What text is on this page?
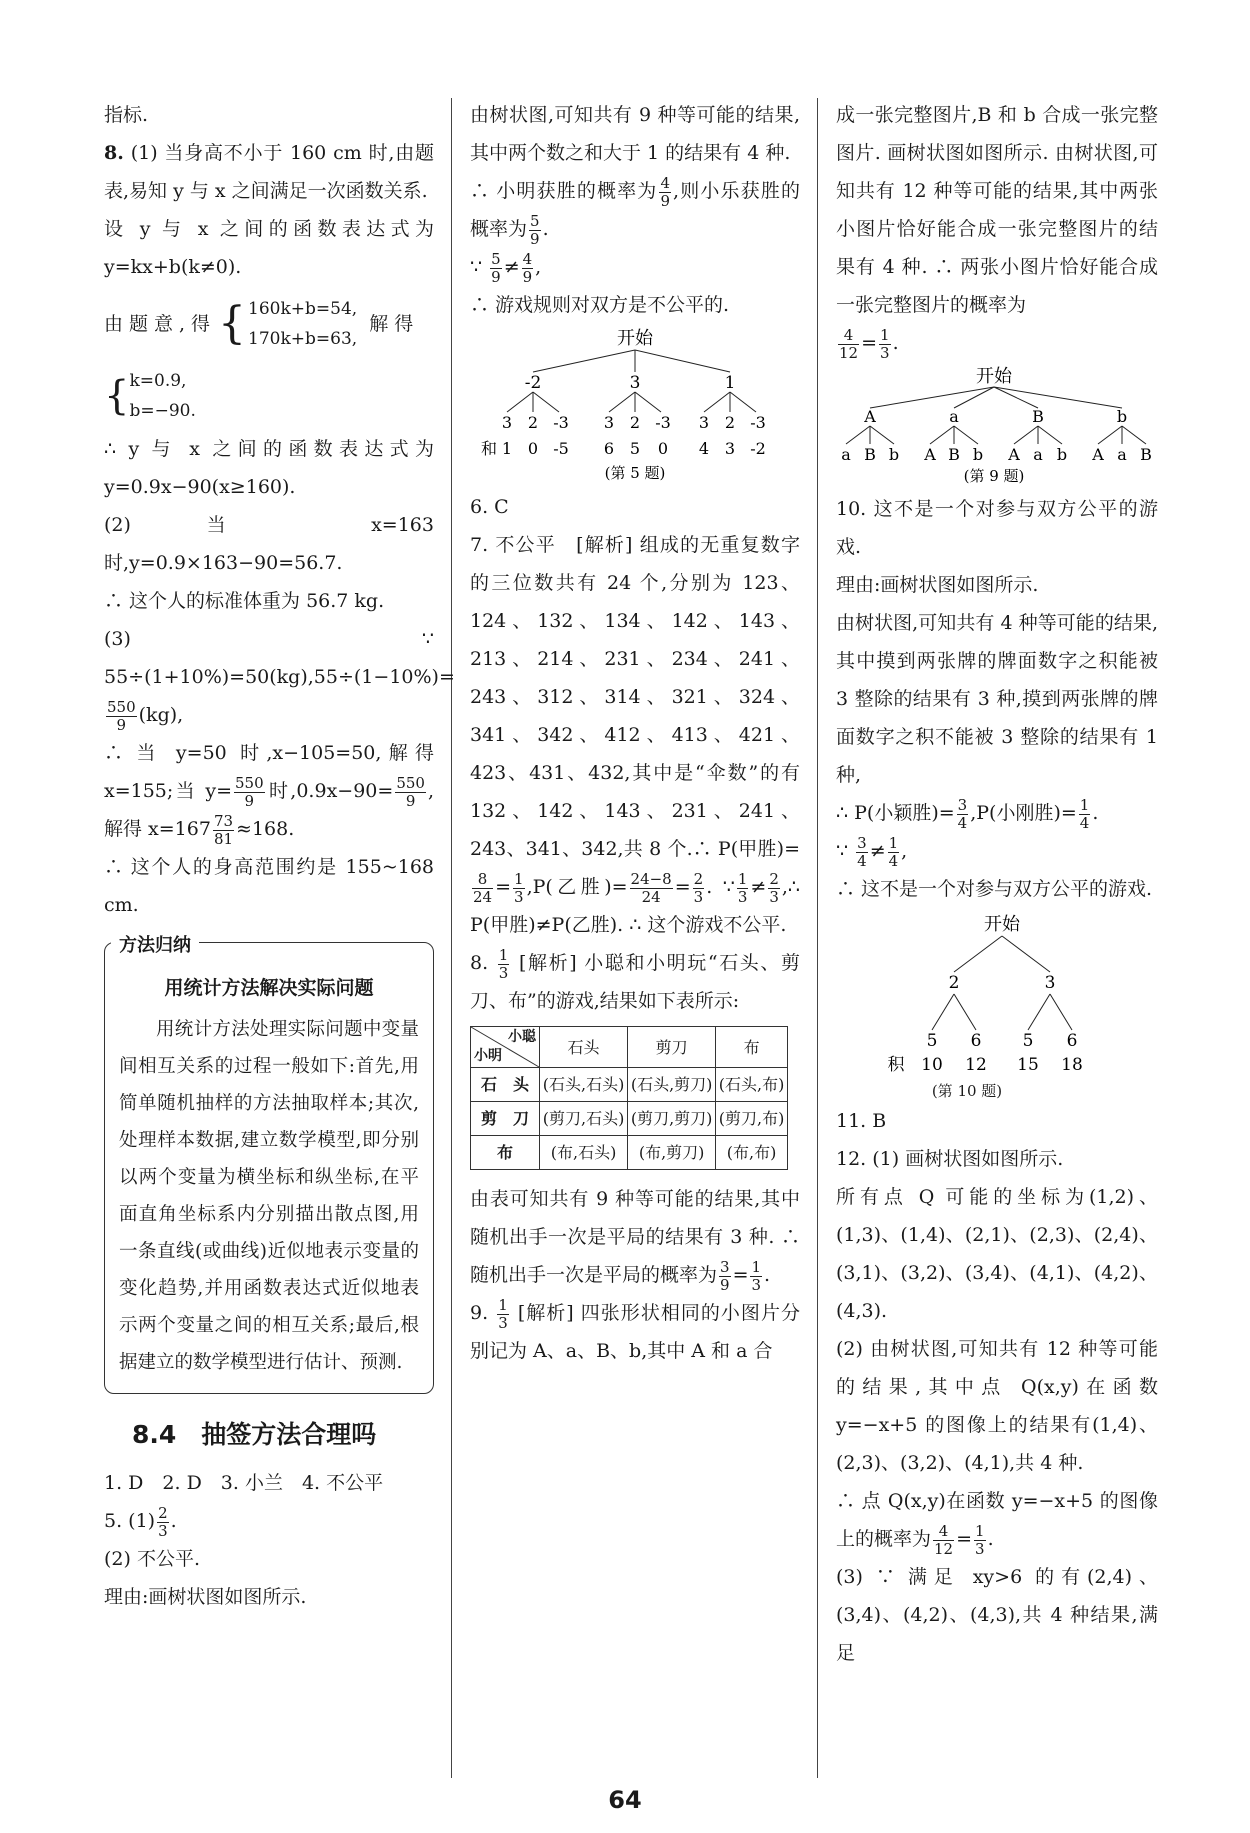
指标.

8. (1) 当身高不小于 160 cm 时,由题表,易知 y 与 x 之间满足一次函数关系.

设 y 与 x 之间的函数表达式为 y=kx+b(k≠0).

由题意,得 { 160k+b=54,
170k+b=63,
解得
{ k=0.9,
b=−90.

∴ y 与 x 之间的函数表达式为 y=0.9x−90(x≥160).

(2) 当 x=163 时,y=0.9×163−90=56.7.

∴ 这个人的标准体重为 56.7 kg.

(3) ∵ 55÷(1+10%)=50(kg),55÷(1−10%)=
$\frac{550}{9} (kg)$,

∴ 当 y=50 时,x−105=50,解得 x=155;当 $y= \frac{550}{9}$ 时$,0.9x-90= \frac{550}{9}$ ,解得 $x=167 \frac{73}{81} \approx 168$.

∴ 这个人的身高范围约是 155~168 cm.

方法归纳
用统计方法解决实际问题
用统计方法处理实际问题中变量间相互关系的过程一般如下:首先,用简单随机抽样的方法抽取样本;其次,处理样本数据,建立数学模型,即分别以两个变量为横坐标和纵坐标,在平面直角坐标系内分别描出散点图,用一条直线(或曲线)近似地表示变量的变化趋势,并用函数表达式近似地表示两个变量之间的相互关系;最后,根据建立的数学模型进行估计、预测.
8.4　抽签方法合理吗

1. D　2. D　3. 小兰　4. 不公平

5. $(1) \frac{2}{3}$ .

(2) 不公平.

理由:画树状图如图所示.

由树状图,可知共有 9 种等可能的结果,其中两个数之和大于 1 的结果有 4 种.

∴ 小明获胜的概率为 $\frac{4}{9}$ ,则小乐获胜的概率为 $\frac{5}{9}$ .

∵ $\frac{5}{9} \ne \frac{4}{9}$ ,

∴ 游戏规则对双方是不公平的.

开始
-2	3	1
3 2 -3 3 2 -3 3 2 -3
和 1 0 -5 6 5 0 4 3 -2
(第 5 题)

6. C

7. 不公平　[解析] 组成的无重复数字的三位数共有 24 个,分别为 123、124、132、134、142、143、213、214、231、234、241、243、312、314、321、324、341、342、412、413、421、423、431、432,其中是“伞数”的有 132、142、143、231、241、243、341、342,共 8 个.∴ P(甲胜)=
$\frac{8}{24} = \frac{1}{3} ,P$(乙胜)= $\frac{24-8}{24} = \frac{2}{3}$ . ∵ $\frac{1}{3} \ne \frac{2}{3}$ ,∴ P(甲胜)≠P(乙胜). ∴ 这个游戏不公平.

8. $\frac{1}{3}$ [解析] 小聪和小明玩“石头、剪刀、布”的游戏,结果如下表所示:

小聪
小明	石头	剪刀	布
石　头	(石头,石头)	(石头,剪刀)	(石头,布)
剪　刀	(剪刀,石头)	(剪刀,剪刀)	(剪刀,布)
布	(布,石头)	(布,剪刀)	(布,布)

由表可知共有 9 种等可能的结果,其中随机出手一次是平局的结果有 3 种. ∴ 随机出手一次是平局的概率为 $\frac{3}{9} = \frac{1}{3}$ .

9. $\frac{1}{3}$ [解析] 四张形状相同的小图片分别记为 A、a、B、b,其中 A 和 a 合

成一张完整图片,B 和 b 合成一张完整图片. 画树状图如图所示. 由树状图,可知共有 12 种等可能的结果,其中两张小图片恰好能合成一张完整图片的结果有 4 种. ∴ 两张小图片恰好能合成一张完整图片的概率为

$\frac{4}{12} = \frac{1}{3}$ .

开始
A	a	B	b
a B b A B b A a b A a B
(第 9 题)

10. 这不是一个对参与双方公平的游戏.

理由:画树状图如图所示.

由树状图,可知共有 4 种等可能的结果,其中摸到两张牌的牌面数字之积能被 3 整除的结果有 3 种,摸到两张牌的牌面数字之积不能被 3 整除的结果有 1 种,

∴ P(小颖胜)= $\frac{3}{4} ,P$(小刚胜)= $\frac{1}{4}$ .

∵ $\frac{3}{4} \ne \frac{1}{4}$ ,

∴ 这不是一个对参与双方公平的游戏.

开始
2	3
5 6 5 6
积 10 12 15 18
(第 10 题)

11. B

12. (1) 画树状图如图所示.

所有点 Q 可能的坐标为(1,2)、(1,3)、(1,4)、(2,1)、(2,3)、(2,4)、(3,1)、(3,2)、(3,4)、(4,1)、(4,2)、(4,3).

(2) 由树状图,可知共有 12 种等可能的结果,其中点 Q(x,y)在函数 y=−x+5 的图像上的结果有(1,4)、(2,3)、(3,2)、(4,1),共 4 种.

∴ 点 Q(x,y)在函数 y=−x+5 的图像上的概率为 $\frac{4}{12} = \frac{1}{3}$ .

(3) ∵ 满足 xy>6 的有(2,4)、(3,4)、(4,2)、(4,3),共 4 种结果,满足

64
